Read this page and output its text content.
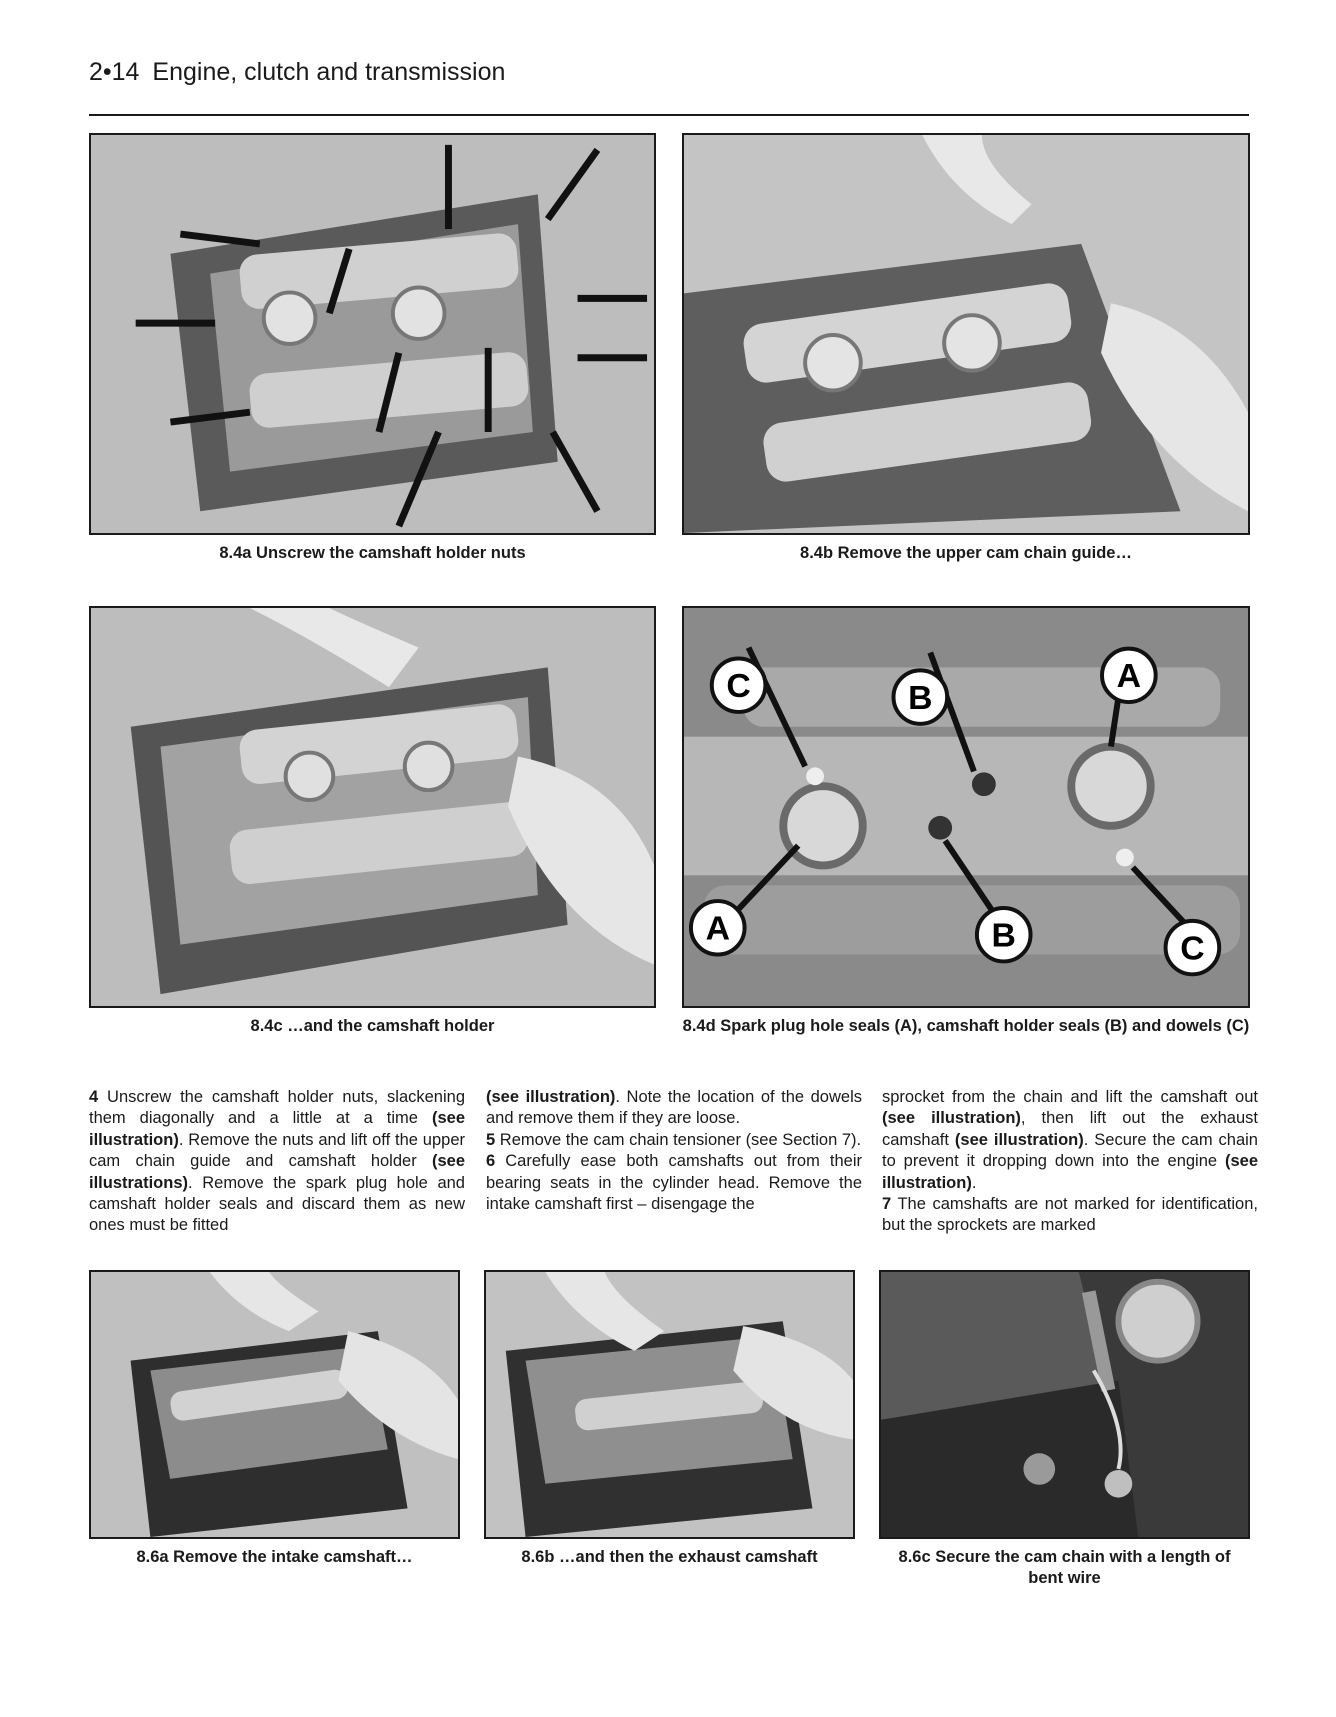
2•14 Engine, clutch and transmission
8.4a Unscrew the camshaft holder nuts	8.4b Remove the upper cam chain guide…
8.4c …and the camshaft holder
C	B
A
A	B	C
8.4d Spark plug hole seals (A), camshaft holder seals (B) and dowels (C)

4 Unscrew the camshaft holder nuts, slackening them diagonally and a little at a time (see illustration). Remove the nuts and lift off the upper cam chain guide and camshaft holder (see illustrations). Remove the spark plug hole and camshaft holder seals and discard them as new ones must be fitted

(see illustration). Note the location of the dowels and remove them if they are loose.

5 Remove the cam chain tensioner (see Section 7).

6 Carefully ease both camshafts out from their bearing seats in the cylinder head. Remove the intake camshaft first – disengage the

sprocket from the chain and lift the camshaft out (see illustration), then lift out the exhaust camshaft (see illustration). Secure the cam chain to prevent it dropping down into the engine (see illustration).

7 The camshafts are not marked for identification, but the sprockets are marked

8.6a Remove the intake camshaft…	8.6b …and then the exhaust camshaft	8.6c Secure the cam chain with a length of bent wire
